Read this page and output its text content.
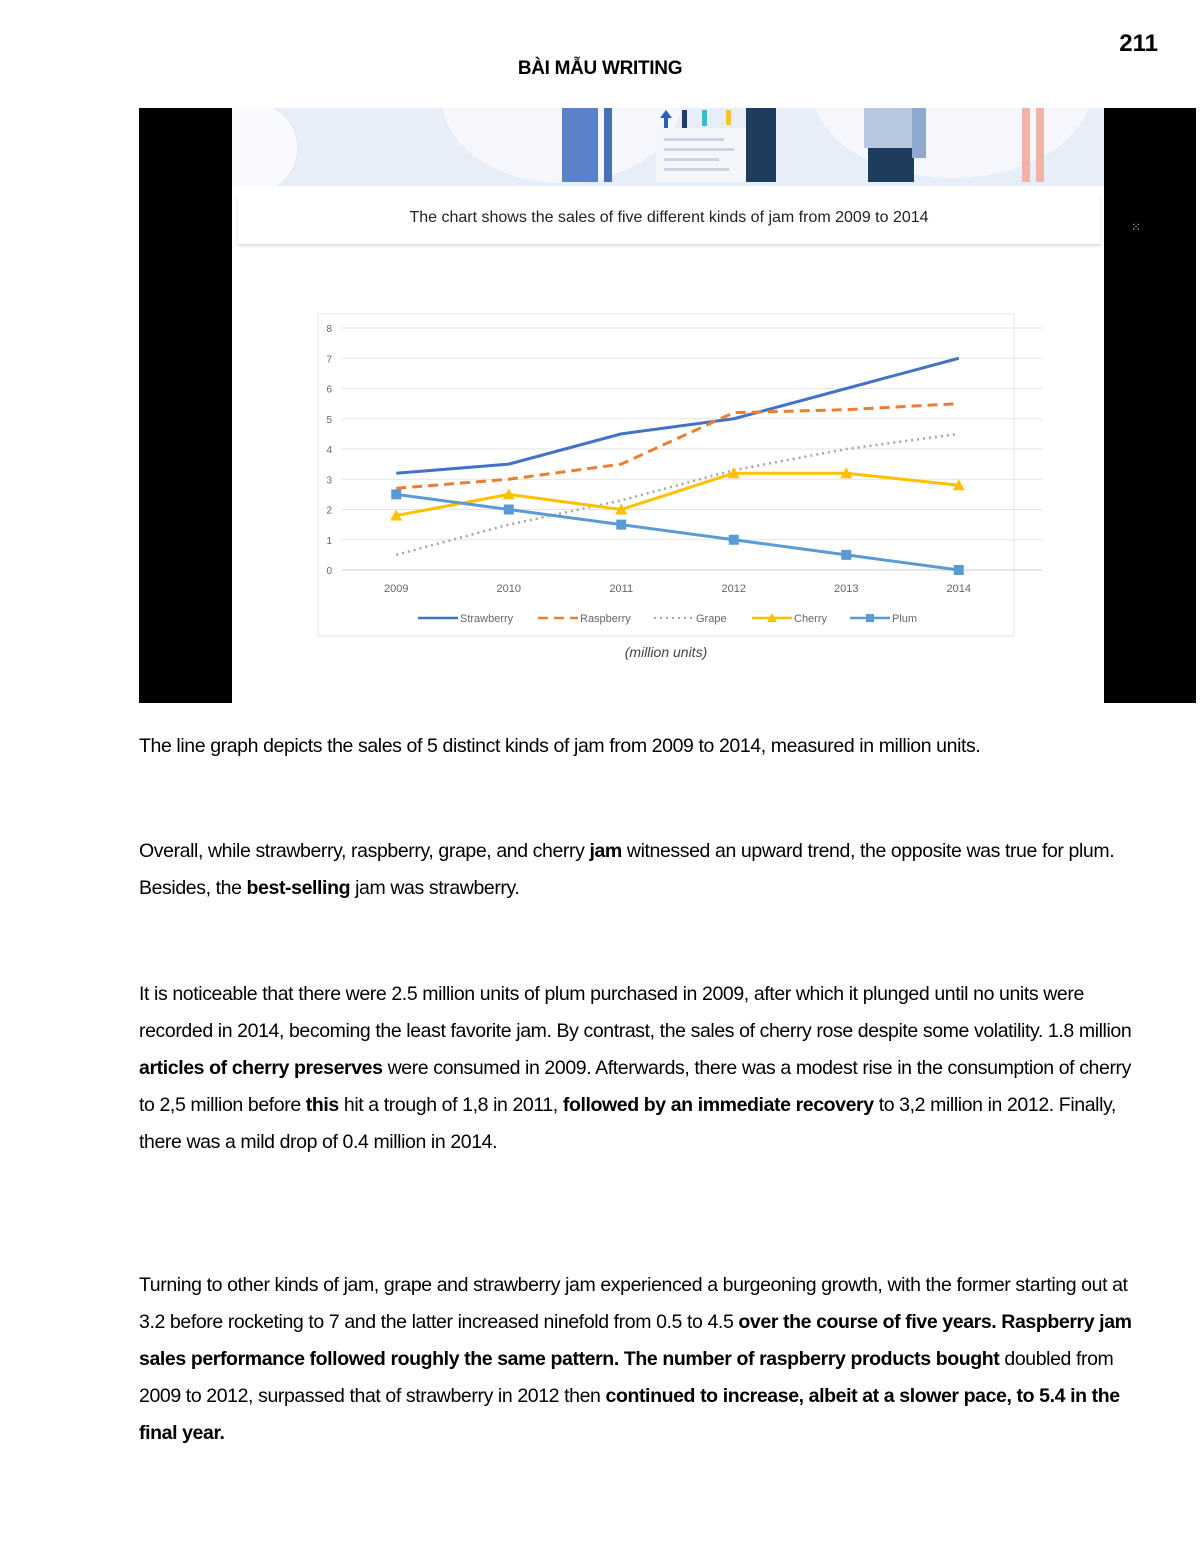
211
BÀI MẪU WRITING
The chart shows the sales of five different kinds of jam from 2009 to 2014
0
1
2
3
4
5
6
7
8
2009	2010	2011	2012	2013	2014
Strawberry	Raspberry	Grape	Cherry	Plum
(million units)
⁙
The line graph depicts the sales of 5 distinct kinds of jam from 2009 to 2014, measured in million units.
Overall, while strawberry, raspberry, grape, and cherry jam witnessed an upward trend, the opposite was true for plum. Besides, the best-selling jam was strawberry.
It is noticeable that there were 2.5 million units of plum purchased in 2009, after which it plunged until no units were recorded in 2014, becoming the least favorite jam. By contrast, the sales of cherry rose despite some volatility. 1.8 million articles of cherry preserves were consumed in 2009. Afterwards, there was a modest rise in the consumption of cherry to 2,5 million before this hit a trough of 1,8 in 2011, followed by an immediate recovery to 3,2 million in 2012. Finally, there was a mild drop of 0.4 million in 2014.
Turning to other kinds of jam, grape and strawberry jam experienced a burgeoning growth, with the former starting out at 3.2 before rocketing to 7 and the latter increased ninefold from 0.5 to 4.5 over the course of five years. Raspberry jam sales performance followed roughly the same pattern. The number of raspberry products bought doubled from 2009 to 2012, surpassed that of strawberry in 2012 then continued to increase, albeit at a slower pace, to 5.4 in the final year.
